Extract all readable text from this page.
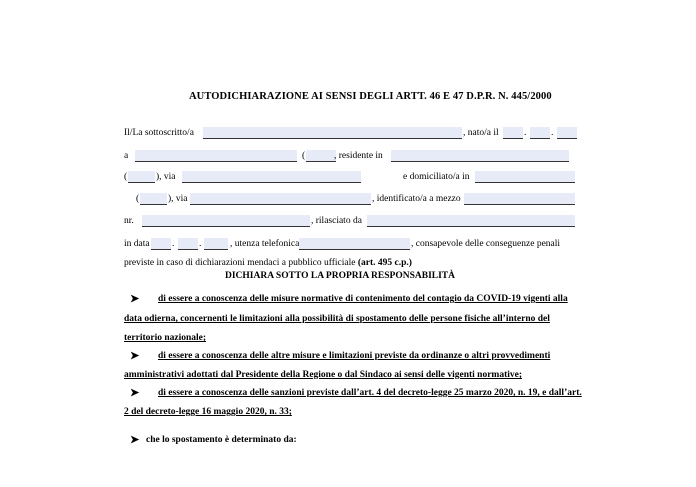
AUTODICHIARAZIONE AI SENSI DEGLI ARTT. 46 E 47 D.P.R. N. 445/2000
Il/La sottoscritto/a	, nato/a il	.	.
a	(	, residente in
(	), via	e domiciliato/a in
(	), via	, identificato/a a mezzo
nr.	, rilasciato da
in data .	.	, utenza telefonica	, consapevole delle conseguenze penali
previste in caso di dichiarazioni mendaci a pubblico ufficiale (art. 495 c.p.)
DICHIARA SOTTO LA PROPRIA RESPONSABILITÀ
➤ di essere a conoscenza delle misure normative di contenimento del contagio da COVID-19 vigenti alla
data odierna, concernenti le limitazioni alla possibilità di spostamento delle persone fisiche all’interno del
territorio nazionale;
➤ di essere a conoscenza delle altre misure e limitazioni previste da ordinanze o altri provvedimenti
amministrativi adottati dal Presidente della Regione o dal Sindaco ai sensi delle vigenti normative;
➤ di essere a conoscenza delle sanzioni previste dall’art. 4 del decreto-legge 25 marzo 2020, n. 19, e dall’art.
2 del decreto-legge 16 maggio 2020, n. 33;
➤ che lo spostamento è determinato da:
